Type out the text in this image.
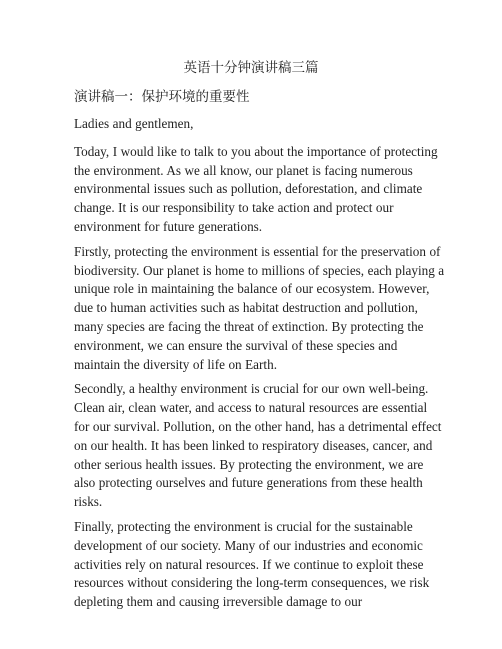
英语十分钟演讲稿三篇
演讲稿一：保护环境的重要性

Ladies and gentlemen,

Today, I would like to talk to you about the importance of protecting the environment. As we all know, our planet is facing numerous environmental issues such as pollution, deforestation, and climate change. It is our responsibility to take action and protect our environment for future generations.

Firstly, protecting the environment is essential for the preservation of biodiversity. Our planet is home to millions of species, each playing a unique role in maintaining the balance of our ecosystem. However, due to human activities such as habitat destruction and pollution, many species are facing the threat of extinction. By protecting the environment, we can ensure the survival of these species and maintain the diversity of life on Earth.

Secondly, a healthy environment is crucial for our own well-being. Clean air, clean water, and access to natural resources are essential for our survival. Pollution, on the other hand, has a detrimental effect on our health. It has been linked to respiratory diseases, cancer, and other serious health issues. By protecting the environment, we are also protecting ourselves and future generations from these health risks.

Finally, protecting the environment is crucial for the sustainable development of our society. Many of our industries and economic activities rely on natural resources. If we continue to exploit these resources without considering the long-term consequences, we risk depleting them and causing irreversible damage to our
